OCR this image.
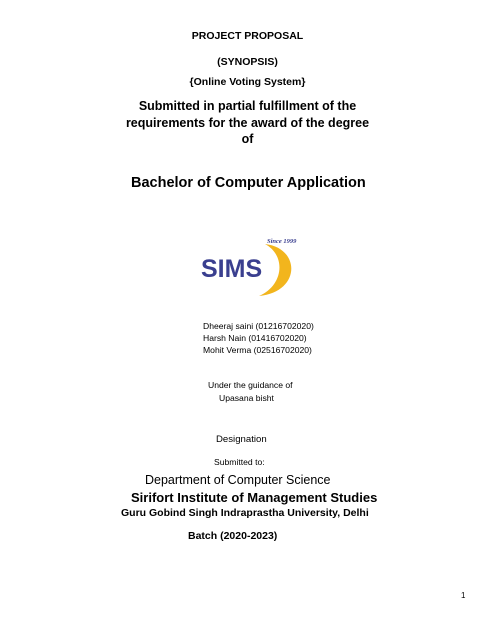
PROJECT PROPOSAL
(SYNOPSIS)
{Online Voting System}
Submitted in partial fulfillment of the
requirements for the award of the degree
of
Bachelor of Computer Application
SIMS
Since 1999
Dheeraj saini (01216702020)
Harsh Nain (01416702020)
Mohit Verma (02516702020)
Under the guidance of
Upasana bisht
Designation
Submitted to:
Department of Computer Science
Sirifort Institute of Management Studies
Guru Gobind Singh Indraprastha University, Delhi
Batch (2020-2023)
1
